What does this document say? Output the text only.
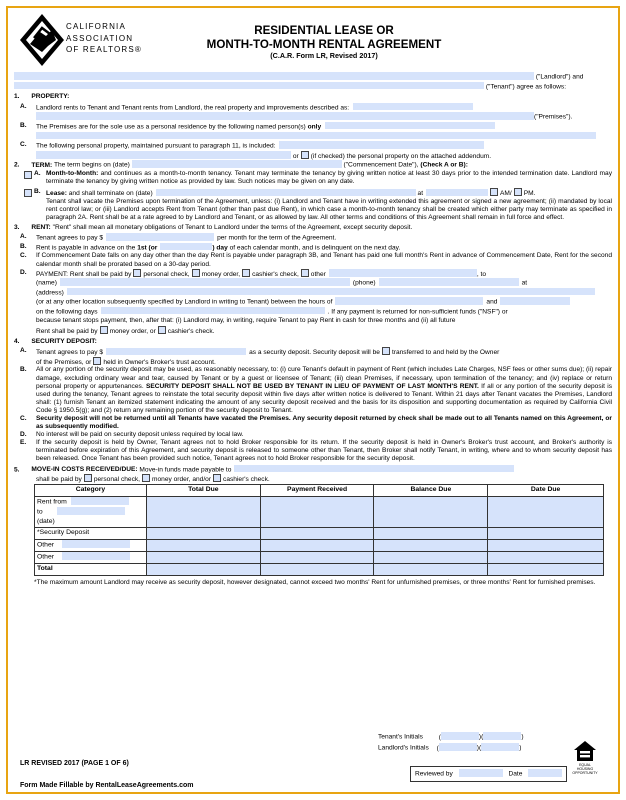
CALIFORNIA
ASSOCIATION
OF REALTORS®
RESIDENTIAL LEASE OR
MONTH-TO-MONTH RENTAL AGREEMENT
(C.A.R. Form LR, Revised 2017)
("Landlord") and
("Tenant") agree as follows:
1. PROPERTY:
A. Landlord rents to Tenant and Tenant rents from Landlord, the real property and improvements described as:
("Premises").
B. The Premises are for the sole use as a personal residence by the following named person(s) only
C. The following personal property, maintained pursuant to paragraph 11, is included:
or (if checked) the personal property on the attached addendum.
2. TERM: The term begins on (date)	("Commencement Date"), (Check A or B):
A. Month-to-Month: and continues as a month-to-month tenancy. Tenant may terminate the tenancy by giving written notice at least 30 days prior to the intended termination date. Landlord may terminate the tenancy by giving written notice as provided by law. Such notices may be given on any date.
B. Lease: and shall terminate on (date)	at	AM/ PM.
Tenant shall vacate the Premises upon termination of the Agreement, unless: (i) Landlord and Tenant have in writing extended this agreement or signed a new agreement; (ii) mandated by local rent control law; or (iii) Landlord accepts Rent from Tenant (other than past due Rent), in which case a month-to-month tenancy shall be created which either party may terminate as specified in paragraph 2A. Rent shall be at a rate agreed to by Landlord and Tenant, or as allowed by law. All other terms and conditions of this Agreement shall remain in full force and effect.
3. RENT: "Rent" shall mean all monetary obligations of Tenant to Landlord under the terms of the Agreement, except security deposit.
A. Tenant agrees to pay $	per month for the term of the Agreement.
B. Rent is payable in advance on the 1st (or	) day of each calendar month, and is delinquent on the next day.
C. If Commencement Date falls on any day other than the day Rent is payable under paragraph 3B, and Tenant has paid one full month's Rent in advance of Commencement Date, Rent for the second calendar month shall be prorated based on a 30-day period.
D. PAYMENT: Rent shall be paid by personal check, money order, cashier's check, other	, to
(name)	(phone)	at
(address)
(or at any other location subsequently specified by Landlord in writing to Tenant) between the hours of	and
on the following days	. If any payment is returned for non-sufficient funds ("NSF") or
because tenant stops payment, then, after that: (i) Landlord may, in writing, require Tenant to pay Rent in cash for three months and (ii) all future
Rent shall be paid by money order, or cashier's check.
4. SECURITY DEPOSIT:
A. Tenant agrees to pay $	as a security deposit. Security deposit will be transferred to and held by the Owner
of the Premises, or held in Owner's Broker's trust account.
B. All or any portion of the security deposit may be used, as reasonably necessary, to: (i) cure Tenant's default in payment of Rent (which includes Late Charges, NSF fees or other sums due); (ii) repair damage, excluding ordinary wear and tear, caused by Tenant or by a guest or licensee of Tenant; (iii) clean Premises, if necessary, upon termination of the tenancy; and (iv) replace or return personal property or appurtenances. SECURITY DEPOSIT SHALL NOT BE USED BY TENANT IN LIEU OF PAYMENT OF LAST MONTH'S RENT. If all or any portion of the security deposit is used during the tenancy, Tenant agrees to reinstate the total security deposit within five days after written notice is delivered to Tenant. Within 21 days after Tenant vacates the Premises, Landlord shall: (1) furnish Tenant an itemized statement indicating the amount of any security deposit received and the basis for its disposition and supporting documentation as required by California Civil Code § 1950.5(g); and (2) return any remaining portion of the security deposit to Tenant.
C. Security deposit will not be returned until all Tenants have vacated the Premises. Any security deposit returned by check shall be made out to all Tenants named on this Agreement, or as subsequently modified.
D. No interest will be paid on security deposit unless required by local law.
E. If the security deposit is held by Owner, Tenant agrees not to hold Broker responsible for its return. If the security deposit is held in Owner's Broker's trust account, and Broker's authority is terminated before expiration of this Agreement, and security deposit is released to someone other than Tenant, then Broker shall notify Tenant, in writing, where and to whom security deposit has been released. Once Tenant has been provided such notice, Tenant agrees not to hold Broker responsible for the security deposit.
5. MOVE-IN COSTS RECEIVED/DUE: Move-in funds made payable to
shall be paid by personal check, money order, and/or cashier's check.
Category	Total Due	Payment Received	Balance Due	Date Due
Rent from
to(date)				
*Security Deposit				
Other				
Other				
Total				
*The maximum amount Landlord may receive as security deposit, however designated, cannot exceed two months' Rent for unfurnished premises, or three months' Rent for furnished premises.
Tenant's Initials (	)(	)
Landlord's Initials (	)(	)
LR REVISED 2017 (PAGE 1 OF 6)
Form Made Fillable by RentalLeaseAgreements.com
Reviewed by	Date
EQUAL HOUSING
OPPORTUNITY
